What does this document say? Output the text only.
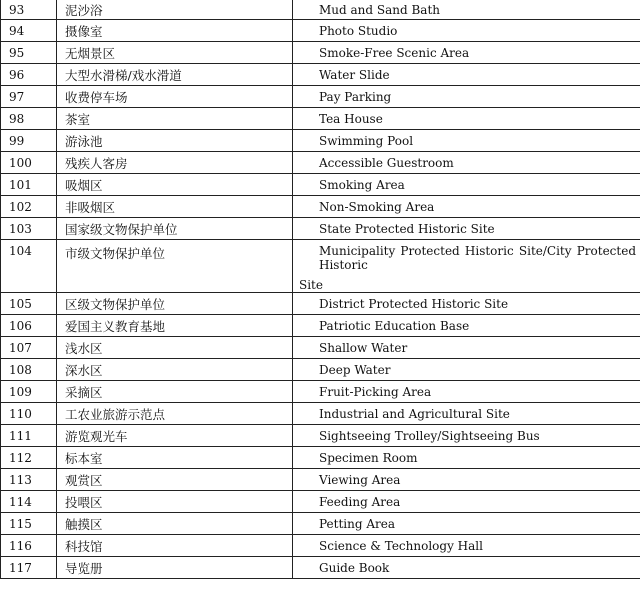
93	泥沙浴	Mud and Sand Bath
94	摄像室	Photo Studio
95	无烟景区	Smoke-Free Scenic Area
96	大型水滑梯/戏水滑道	Water Slide
97	收费停车场	Pay Parking
98	茶室	Tea House
99	游泳池	Swimming Pool
100	残疾人客房	Accessible Guestroom
101	吸烟区	Smoking Area
102	非吸烟区	Non-Smoking Area
103	国家级文物保护单位	State Protected Historic Site
104	市级文物保护单位	Municipality Protected Historic Site/City Protected Historic
Site

105	区级文物保护单位	District Protected Historic Site
106	爱国主义教育基地	Patriotic Education Base
107	浅水区	Shallow Water
108	深水区	Deep Water
109	采摘区	Fruit-Picking Area
110	工农业旅游示范点	Industrial and Agricultural Site
111	游览观光车	Sightseeing Trolley/Sightseeing Bus
112	标本室	Specimen Room
113	观赏区	Viewing Area
114	投喂区	Feeding Area
115	触摸区	Petting Area
116	科技馆	Science & Technology Hall
117	导览册	Guide Book
